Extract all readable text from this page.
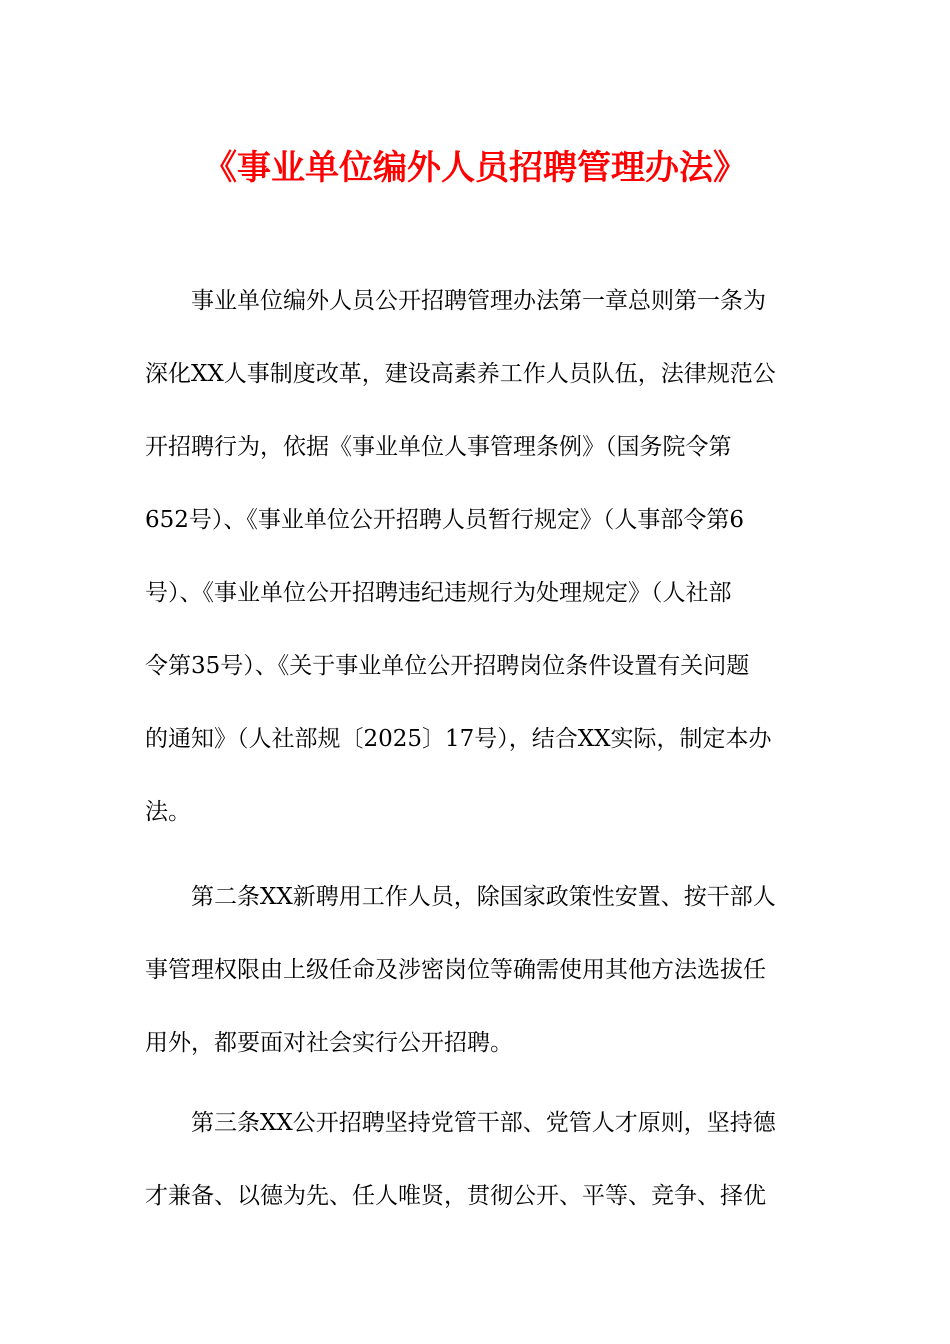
《事业单位编外人员招聘管理办法》
事业单位编外人员公开招聘管理办法第一章总则第一条为
深化XX人事制度改革，建设高素养工作人员队伍，法律规范公
开招聘行为，依据《事业单位人事管理条例》（国务院令第
652号）、《事业单位公开招聘人员暂行规定》（人事部令第6
号）、《事业单位公开招聘违纪违规行为处理规定》（人社部
令第35号）、《关于事业单位公开招聘岗位条件设置有关问题
的通知》（人社部规〔2025〕17号），结合XX实际，制定本办
法。
第二条XX新聘用工作人员，除国家政策性安置、按干部人
事管理权限由上级任命及涉密岗位等确需使用其他方法选拔任
用外，都要面对社会实行公开招聘。
第三条XX公开招聘坚持党管干部、党管人才原则，坚持德
才兼备、以德为先、任人唯贤，贯彻公开、平等、竞争、择优
